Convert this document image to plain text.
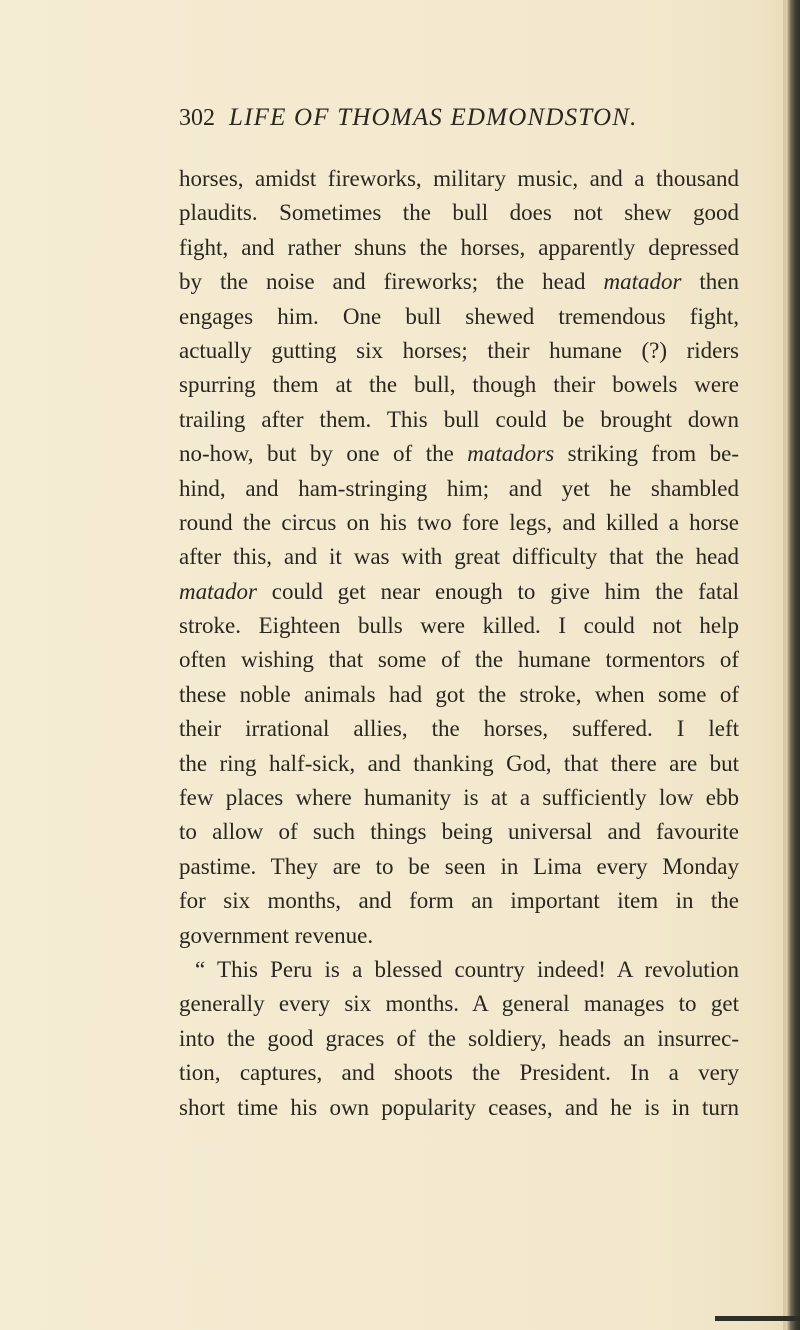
302 LIFE OF THOMAS EDMONDSTON.
horses, amidst fireworks, military music, and a thousand
plaudits. Sometimes the bull does not shew good
fight, and rather shuns the horses, apparently depressed
by the noise and fireworks; the head matador then
engages him. One bull shewed tremendous fight,
actually gutting six horses; their humane (?) riders
spurring them at the bull, though their bowels were
trailing after them. This bull could be brought down
no-how, but by one of the matadors striking from be-
hind, and ham-stringing him; and yet he shambled
round the circus on his two fore legs, and killed a horse
after this, and it was with great difficulty that the head
matador could get near enough to give him the fatal
stroke. Eighteen bulls were killed. I could not help
often wishing that some of the humane tormentors of
these noble animals had got the stroke, when some of
their irrational allies, the horses, suffered. I left
the ring half-sick, and thanking God, that there are but
few places where humanity is at a sufficiently low ebb
to allow of such things being universal and favourite
pastime. They are to be seen in Lima every Monday
for six months, and form an important item in the
government revenue.
“ This Peru is a blessed country indeed! A revolution
generally every six months. A general manages to get
into the good graces of the soldiery, heads an insurrec-
tion, captures, and shoots the President. In a very
short time his own popularity ceases, and he is in turn
